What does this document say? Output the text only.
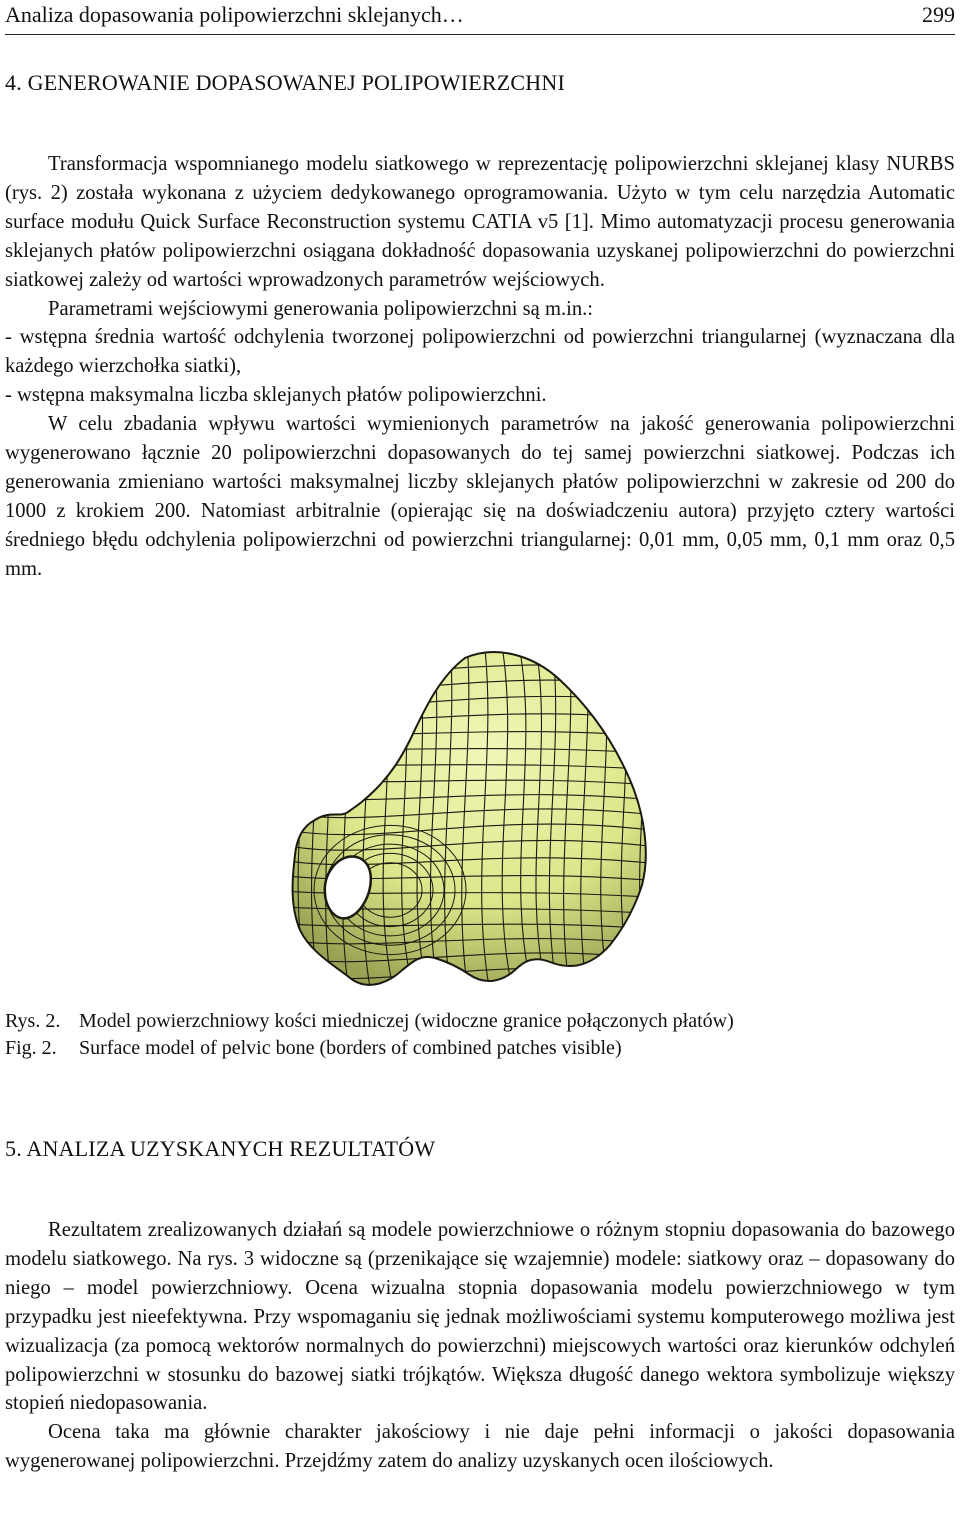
Analiza dopasowania polipowierzchni sklejanych…	299
4. GENEROWANIE DOPASOWANEJ POLIPOWIERZCHNI

Transformacja wspomnianego modelu siatkowego w reprezentację polipowierzchni sklejanej klasy NURBS (rys. 2) została wykonana z użyciem dedykowanego oprogramowania. Użyto w tym celu narzędzia Automatic surface modułu Quick Surface Reconstruction systemu CATIA v5 [1]. Mimo automatyzacji procesu generowania sklejanych płatów polipowierzchni osiągana dokładność dopasowania uzyskanej polipowierzchni do powierzchni siatkowej zależy od wartości wprowadzonych parametrów wejściowych.

Parametrami wejściowymi generowania polipowierzchni są m.in.:

- wstępna średnia wartość odchylenia tworzonej polipowierzchni od powierzchni triangularnej (wyznaczana dla każdego wierzchołka siatki),

- wstępna maksymalna liczba sklejanych płatów polipowierzchni.

W celu zbadania wpływu wartości wymienionych parametrów na jakość generowania polipowierzchni wygenerowano łącznie 20 polipowierzchni dopasowanych do tej samej powierzchni siatkowej. Podczas ich generowania zmieniano wartości maksymalnej liczby sklejanych płatów polipowierzchni w zakresie od 200 do 1000 z krokiem 200. Natomiast arbitralnie (opierając się na doświadczeniu autora) przyjęto cztery wartości średniego błędu odchylenia polipowierzchni od powierzchni triangularnej: 0,01 mm, 0,05 mm, 0,1 mm oraz 0,5 mm.

Rys. 2. Model powierzchniowy kości miedniczej (widoczne granice połączonych płatów)
Fig. 2. Surface model of pelvic bone (borders of combined patches visible)
5. ANALIZA UZYSKANYCH REZULTATÓW

Rezultatem zrealizowanych działań są modele powierzchniowe o różnym stopniu dopasowania do bazowego modelu siatkowego. Na rys. 3 widoczne są (przenikające się wzajemnie) modele: siatkowy oraz – dopasowany do niego – model powierzchniowy. Ocena wizualna stopnia dopasowania modelu powierzchniowego w tym przypadku jest nieefektywna. Przy wspomaganiu się jednak możliwościami systemu komputerowego możliwa jest wizualizacja (za pomocą wektorów normalnych do powierzchni) miejscowych wartości oraz kierunków odchyleń polipowierzchni w stosunku do bazowej siatki trójkątów. Większa długość danego wektora symbolizuje większy stopień niedopasowania.

Ocena taka ma głównie charakter jakościowy i nie daje pełni informacji o jakości dopasowania wygenerowanej polipowierzchni. Przejdźmy zatem do analizy uzyskanych ocen ilościowych.
